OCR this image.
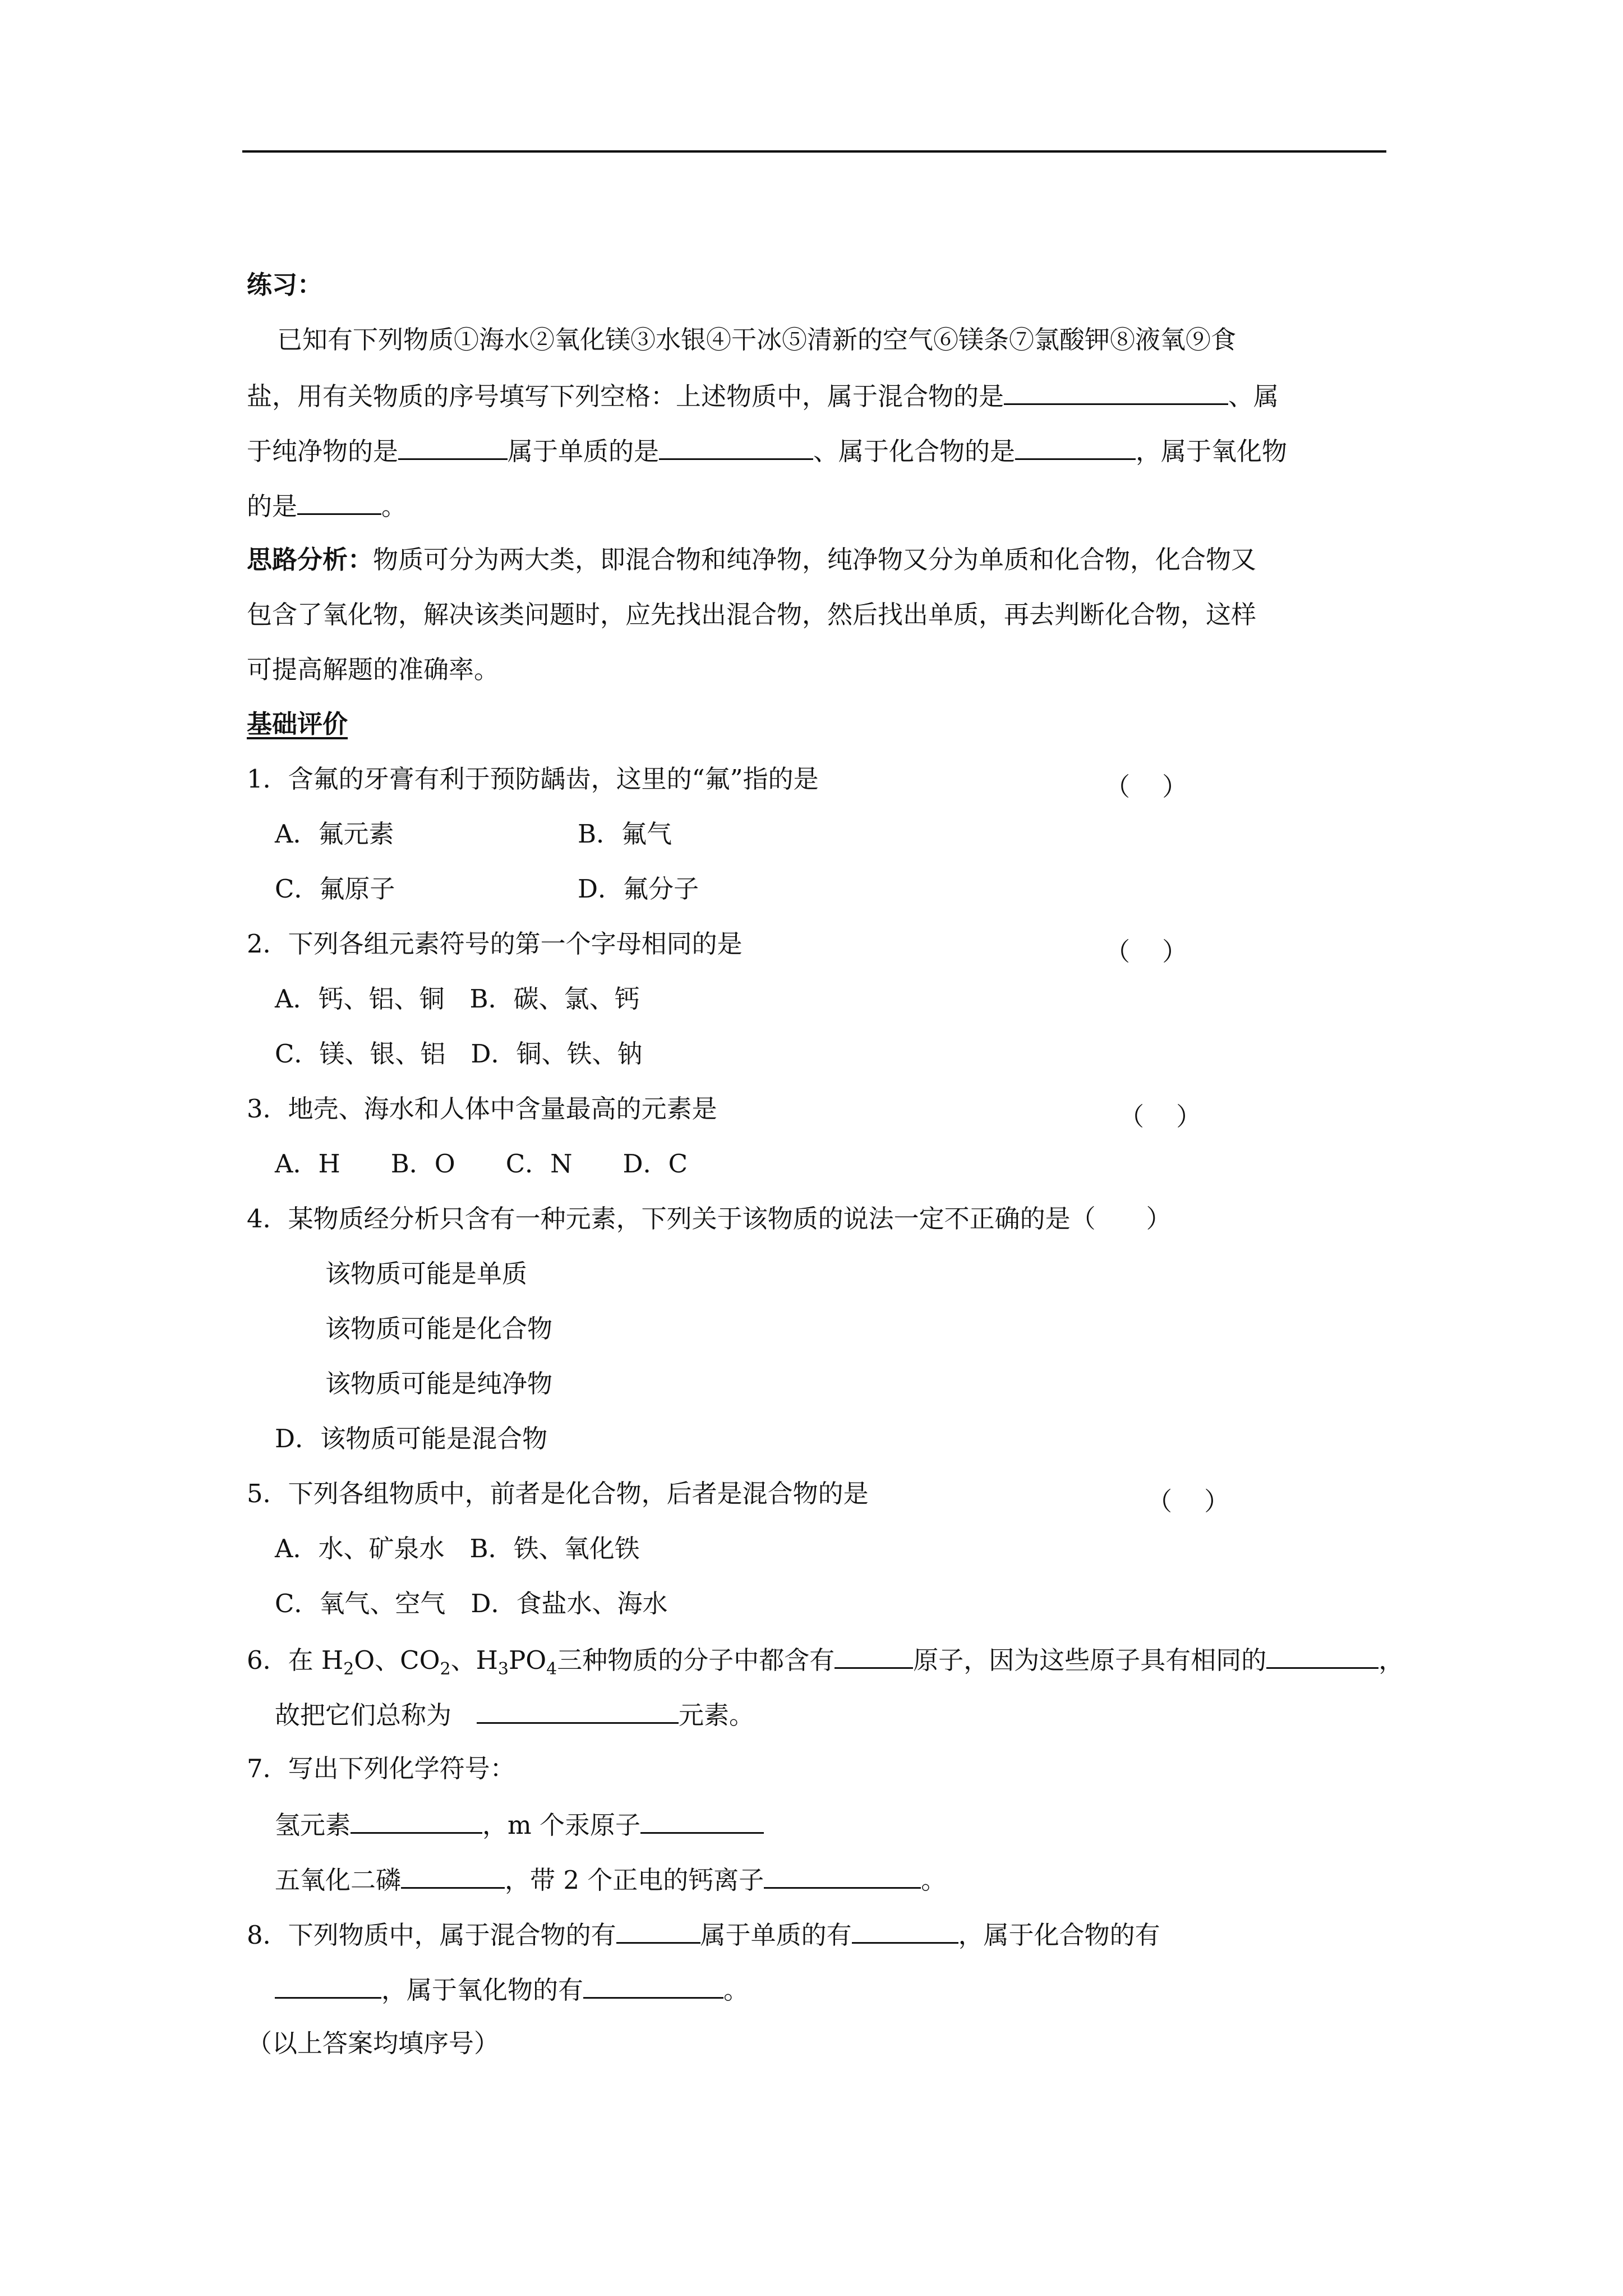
练习：
已知有下列物质①海水②氧化镁③水银④干冰⑤清新的空气⑥镁条⑦氯酸钾⑧液氧⑨食
盐，用有关物质的序号填写下列空格：上述物质中，属于混合物的是	、属
于纯净物的是	属于单质的是	、属于化合物的是	，属于氧化物
的是	。
思路分析：物质可分为两大类，即混合物和纯净物，纯净物又分为单质和化合物，化合物又
包含了氧化物，解决该类问题时，应先找出混合物，然后找出单质，再去判断化合物，这样
可提高解题的准确率。
基础评价
1．含氟的牙膏有利于预防龋齿，这里的“氟”指的是	（    ）
A．氟元素	B．氟气
C．氟原子	D．氟分子
2．下列各组元素符号的第一个字母相同的是	（    ）
A．钙、铝、铜　B．碳、氯、钙
C．镁、银、铝　D．铜、铁、钠
3．地壳、海水和人体中含量最高的元素是	（    ）
A．H　　B．O　　C．N　　D．C
4．某物质经分析只含有一种元素，下列关于该物质的说法一定不正确的是（　　）
该物质可能是单质
该物质可能是化合物
该物质可能是纯净物
D．该物质可能是混合物
5．下列各组物质中，前者是化合物，后者是混合物的是	（    ）
A．水、矿泉水　B．铁、氧化铁
C．氧气、空气　D．食盐水、海水
6．在 $H_2O$、$CO_2$、$H_3PO_4$三种物质的分子中都含有	原子，因为这些原子具有相同的	，
故把它们总称为	元素。
7．写出下列化学符号：
氢元素	，m 个汞原子
五氧化二磷	，带 2 个正电的钙离子	。
8．下列物质中，属于混合物的有	属于单质的有	，属于化合物的有
，属于氧化物的有	。
（以上答案均填序号）
